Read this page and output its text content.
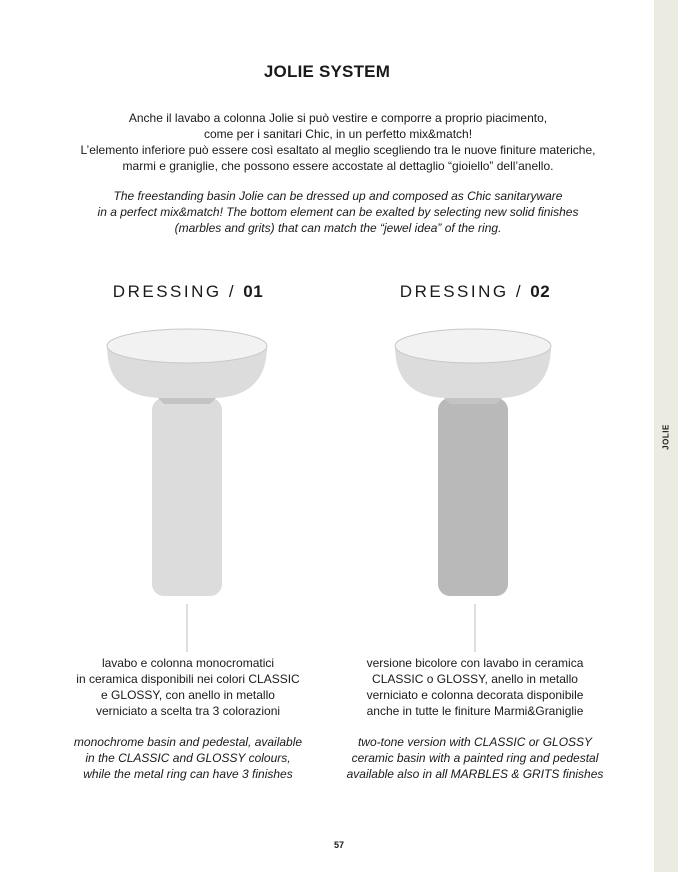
JOLIE
JOLIE SYSTEM
Anche il lavabo a colonna Jolie si può vestire e comporre a proprio piacimento,
come per i sanitari Chic, in un perfetto mix&match!
L’elemento inferiore può essere così esaltato al meglio scegliendo tra le nuove finiture materiche,
marmi e graniglie, che possono essere accostate al dettaglio “gioiello” dell’anello.
The freestanding basin Jolie can be dressed up and composed as Chic sanitaryware
in a perfect mix&match! The bottom element can be exalted by selecting new solid finishes
(marbles and grits) that can match the “jewel idea” of the ring.
DRESSING / 01	DRESSING / 02
lavabo e colonna monocromatici
in ceramica disponibili nei colori CLASSIC
e GLOSSY, con anello in metallo
verniciato a scelta tra 3 colorazioni
monochrome basin and pedestal, available
in the CLASSIC and GLOSSY colours,
while the metal ring can have 3 finishes
versione bicolore con lavabo in ceramica
CLASSIC o GLOSSY, anello in metallo
verniciato e colonna decorata disponibile
anche in tutte le finiture Marmi&Graniglie
two-tone version with CLASSIC or GLOSSY
ceramic basin with a painted ring and pedestal
available also in all MARBLES & GRITS finishes
57
